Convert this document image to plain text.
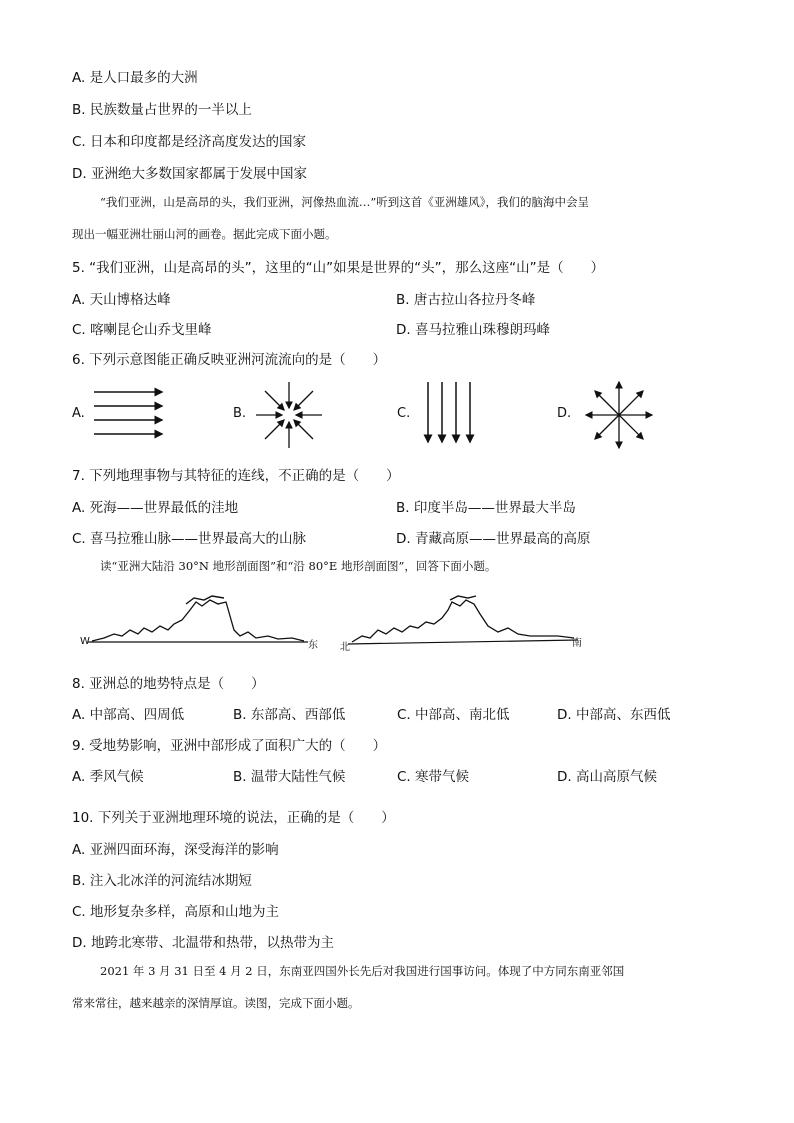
A. 是人口最多的大洲
B. 民族数量占世界的一半以上
C. 日本和印度都是经济高度发达的国家
D. 亚洲绝大多数国家都属于发展中国家
“我们亚洲，山是高昂的头，我们亚洲，河像热血流…”听到这首《亚洲雄风》，我们的脑海中会呈
现出一幅亚洲壮丽山河的画卷。据此完成下面小题。
5. “我们亚洲，山是高昂的头”，这里的“山”如果是世界的“头”，那么这座“山”是（　　）
A. 天山博格达峰	B. 唐古拉山各拉丹冬峰
C. 喀喇昆仑山乔戈里峰	D. 喜马拉雅山珠穆朗玛峰
6. 下列示意图能正确反映亚洲河流流向的是（　　）
A.	B.	C.	D.
7. 下列地理事物与其特征的连线，不正确的是（　　）
A. 死海——世界最低的洼地	B. 印度半岛——世界最大半岛
C. 喜马拉雅山脉——世界最高大的山脉	D. 青藏高原——世界最高的高原
读“亚洲大陆沿 30°N 地形剖面图”和“沿 80°E 地形剖面图”，回答下面小题。
W	东 北	南
8. 亚洲总的地势特点是（　　）
A. 中部高、四周低	B. 东部高、西部低	C. 中部高、南北低	D. 中部高、东西低
9. 受地势影响，亚洲中部形成了面积广大的（　　）
A. 季风气候	B. 温带大陆性气候	C. 寒带气候	D. 高山高原气候
10. 下列关于亚洲地理环境的说法，正确的是（　　）
A. 亚洲四面环海，深受海洋的影响
B. 注入北冰洋的河流结冰期短
C. 地形复杂多样，高原和山地为主
D. 地跨北寒带、北温带和热带，以热带为主
2021 年 3 月 31 日至 4 月 2 日，东南亚四国外长先后对我国进行国事访问。体现了中方同东南亚邻国
常来常往，越来越亲的深情厚谊。读图，完成下面小题。
